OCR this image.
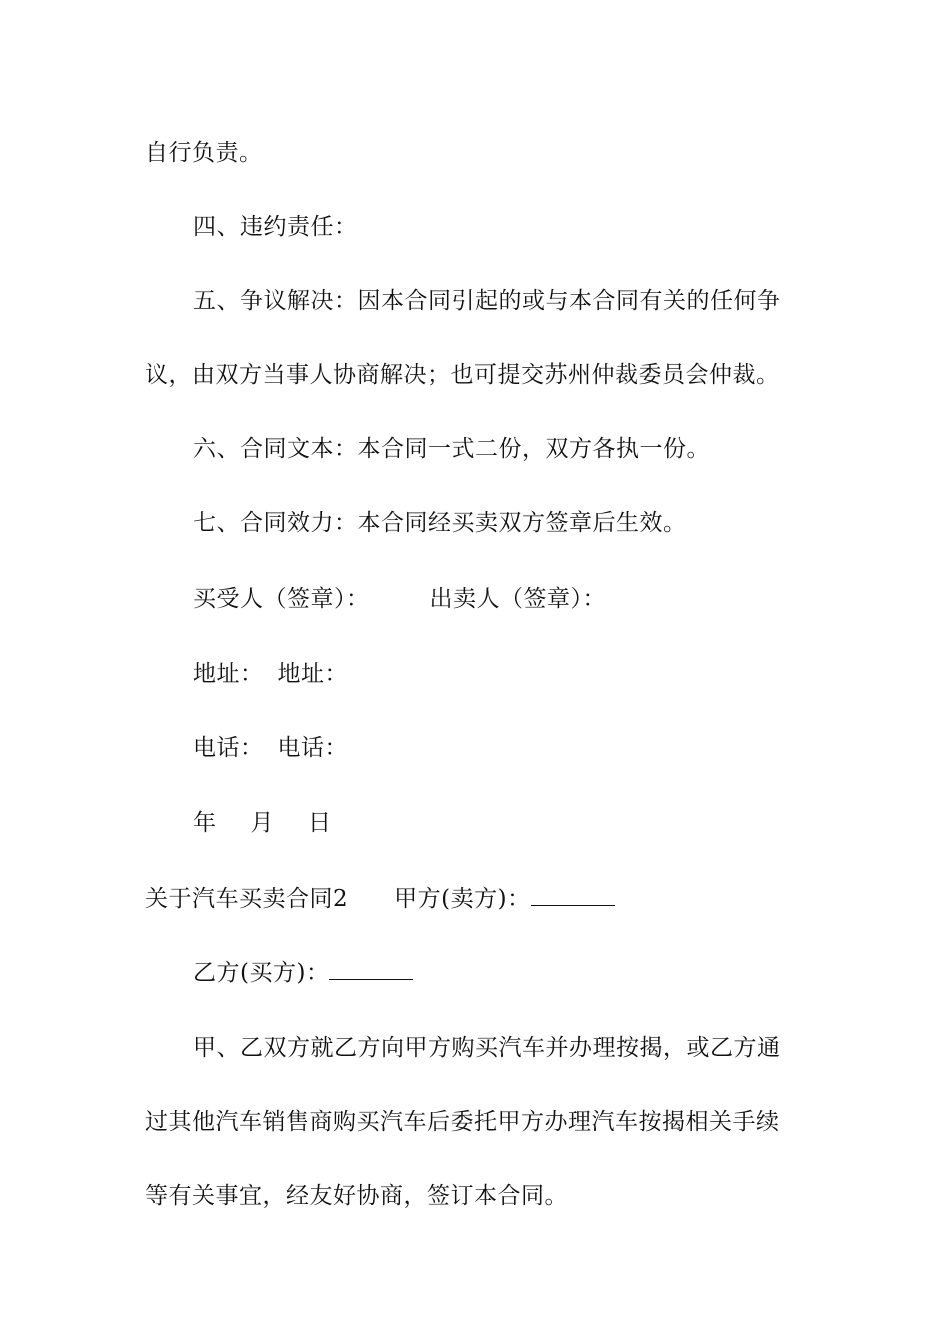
自行负责。
四、违约责任：
五、争议解决：因本合同引起的或与本合同有关的任何争
议，由双方当事人协商解决；也可提交苏州仲裁委员会仲裁。
六、合同文本：本合同一式二份，双方各执一份。
七、合同效力：本合同经买卖双方签章后生效。
买受人（签章）：	出卖人（签章）：
地址： 地址：
电话： 电话：
年 月 日
关于汽车买卖合同2 甲方(卖方)：
乙方(买方)：
甲、乙双方就乙方向甲方购买汽车并办理按揭，或乙方通
过其他汽车销售商购买汽车后委托甲方办理汽车按揭相关手续
等有关事宜，经友好协商，签订本合同。
